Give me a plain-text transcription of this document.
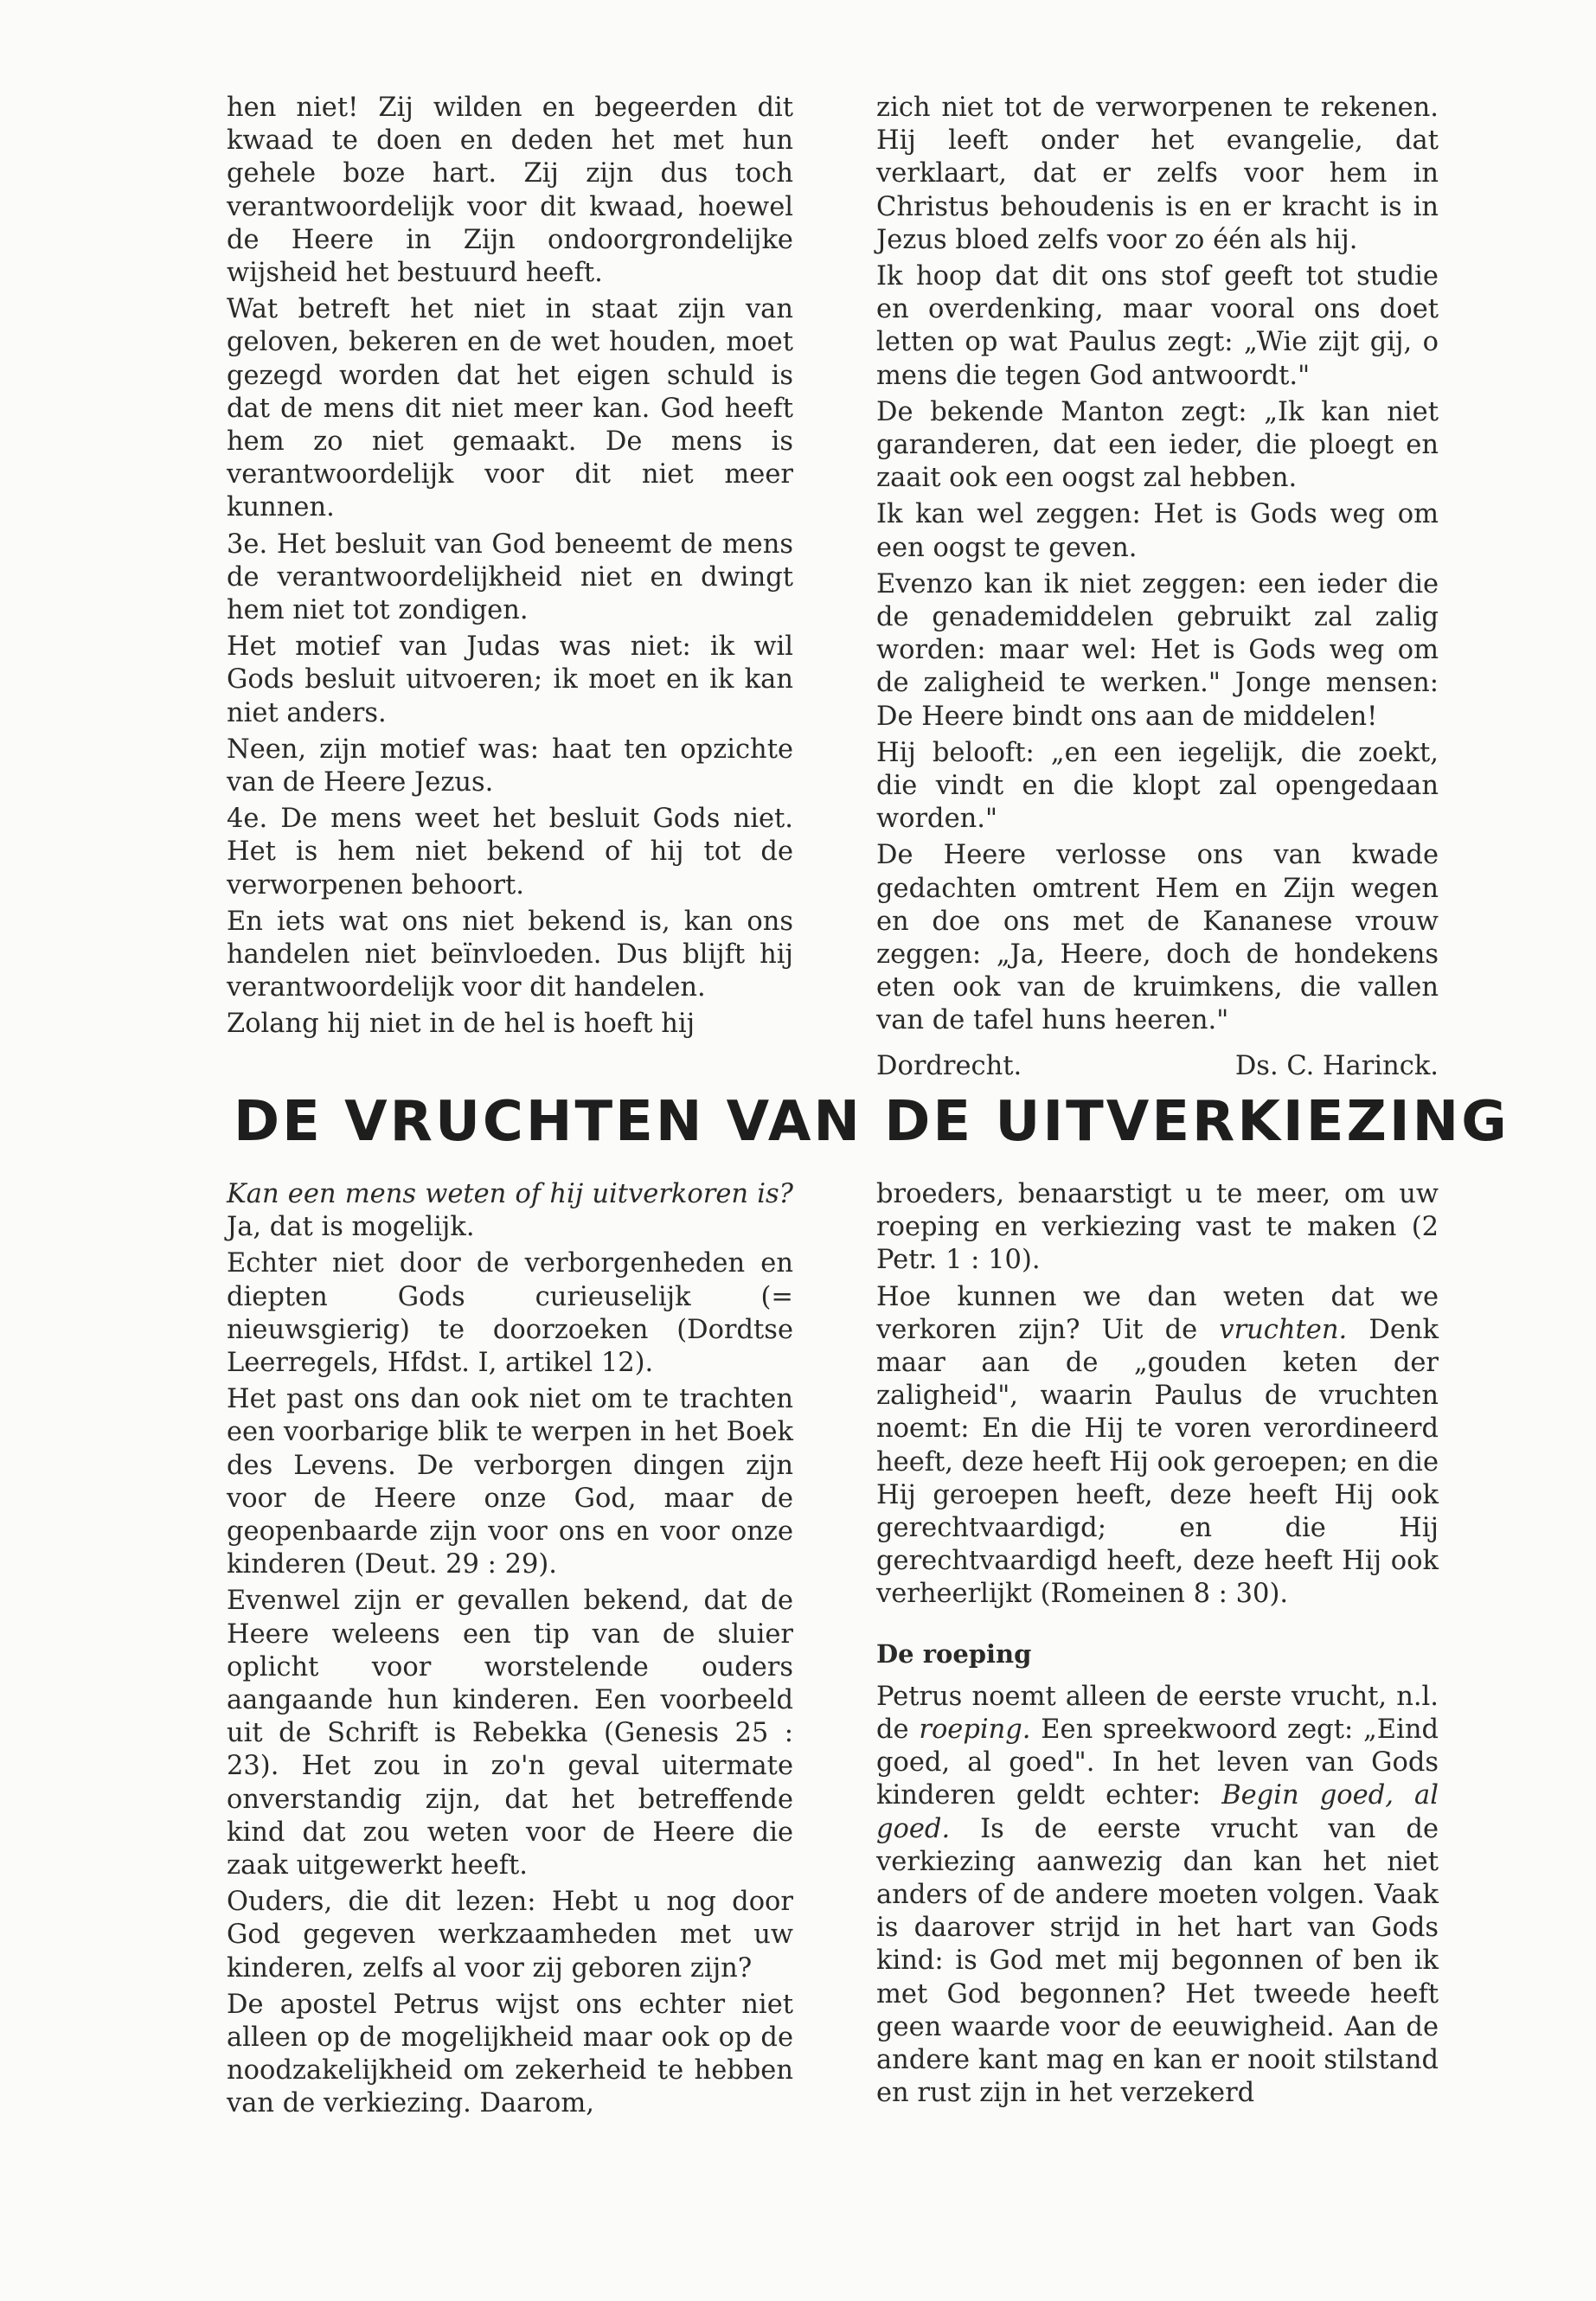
hen niet! Zij wilden en begeerden dit kwaad te doen en deden het met hun gehele boze hart. Zij zijn dus toch verantwoordelijk voor dit kwaad, hoewel de Heere in Zijn ondoorgrondelijke wijsheid het bestuurd heeft.

Wat betreft het niet in staat zijn van geloven, bekeren en de wet houden, moet gezegd worden dat het eigen schuld is dat de mens dit niet meer kan. God heeft hem zo niet gemaakt. De mens is verantwoordelijk voor dit niet meer kunnen.

3e. Het besluit van God beneemt de mens de verantwoordelijkheid niet en dwingt hem niet tot zondigen.

Het motief van Judas was niet: ik wil Gods besluit uitvoeren; ik moet en ik kan niet anders.

Neen, zijn motief was: haat ten opzichte van de Heere Jezus.

4e. De mens weet het besluit Gods niet. Het is hem niet bekend of hij tot de verworpenen behoort.

En iets wat ons niet bekend is, kan ons handelen niet beïnvloeden. Dus blijft hij verantwoordelijk voor dit handelen.

Zolang hij niet in de hel is hoeft hij

zich niet tot de verworpenen te rekenen. Hij leeft onder het evangelie, dat verklaart, dat er zelfs voor hem in Christus behoudenis is en er kracht is in Jezus bloed zelfs voor zo één als hij.

Ik hoop dat dit ons stof geeft tot studie en overdenking, maar vooral ons doet letten op wat Paulus zegt: „Wie zijt gij, o mens die tegen God antwoordt."

De bekende Manton zegt: „Ik kan niet garanderen, dat een ieder, die ploegt en zaait ook een oogst zal hebben.

Ik kan wel zeggen: Het is Gods weg om een oogst te geven.

Evenzo kan ik niet zeggen: een ieder die de genademiddelen gebruikt zal zalig worden: maar wel: Het is Gods weg om de zaligheid te werken." Jonge mensen: De Heere bindt ons aan de middelen!

Hij belooft: „en een iegelijk, die zoekt, die vindt en die klopt zal opengedaan worden."

De Heere verlosse ons van kwade gedachten omtrent Hem en Zijn wegen en doe ons met de Kananese vrouw zeggen: „Ja, Heere, doch de hondekens eten ook van de kruimkens, die vallen van de tafel huns heeren."

Dordrecht.	Ds. C. Harinck.

DE VRUCHTEN VAN DE UITVERKIEZING

Kan een mens weten of hij uitverkoren is? Ja, dat is mogelijk.

Echter niet door de verborgenheden en diepten Gods curieuselijk (= nieuwsgierig) te doorzoeken (Dordtse Leerregels, Hfdst. I, artikel 12).

Het past ons dan ook niet om te trachten een voorbarige blik te werpen in het Boek des Levens. De verborgen dingen zijn voor de Heere onze God, maar de geopenbaarde zijn voor ons en voor onze kinderen (Deut. 29 : 29).

Evenwel zijn er gevallen bekend, dat de Heere weleens een tip van de sluier oplicht voor worstelende ouders aangaande hun kinderen. Een voorbeeld uit de Schrift is Rebekka (Genesis 25 : 23). Het zou in zo'n geval uitermate onverstandig zijn, dat het betreffende kind dat zou weten voor de Heere die zaak uitgewerkt heeft.

Ouders, die dit lezen: Hebt u nog door God gegeven werkzaamheden met uw kinderen, zelfs al voor zij geboren zijn?

De apostel Petrus wijst ons echter niet alleen op de mogelijkheid maar ook op de noodzakelijkheid om zekerheid te hebben van de verkiezing. Daarom,

broeders, benaarstigt u te meer, om uw roeping en verkiezing vast te maken (2 Petr. 1 : 10).

Hoe kunnen we dan weten dat we verkoren zijn? Uit de vruchten. Denk maar aan de „gouden keten der zaligheid", waarin Paulus de vruchten noemt: En die Hij te voren verordineerd heeft, deze heeft Hij ook geroepen; en die Hij geroepen heeft, deze heeft Hij ook gerechtvaardigd; en die Hij gerechtvaardigd heeft, deze heeft Hij ook verheerlijkt (Romeinen 8 : 30).

De roeping

Petrus noemt alleen de eerste vrucht, n.l. de roeping. Een spreekwoord zegt: „Eind goed, al goed". In het leven van Gods kinderen geldt echter: Begin goed, al goed. Is de eerste vrucht van de verkiezing aanwezig dan kan het niet anders of de andere moeten volgen. Vaak is daarover strijd in het hart van Gods kind: is God met mij begonnen of ben ik met God begonnen? Het tweede heeft geen waarde voor de eeuwigheid. Aan de andere kant mag en kan er nooit stilstand en rust zijn in het verzekerd
